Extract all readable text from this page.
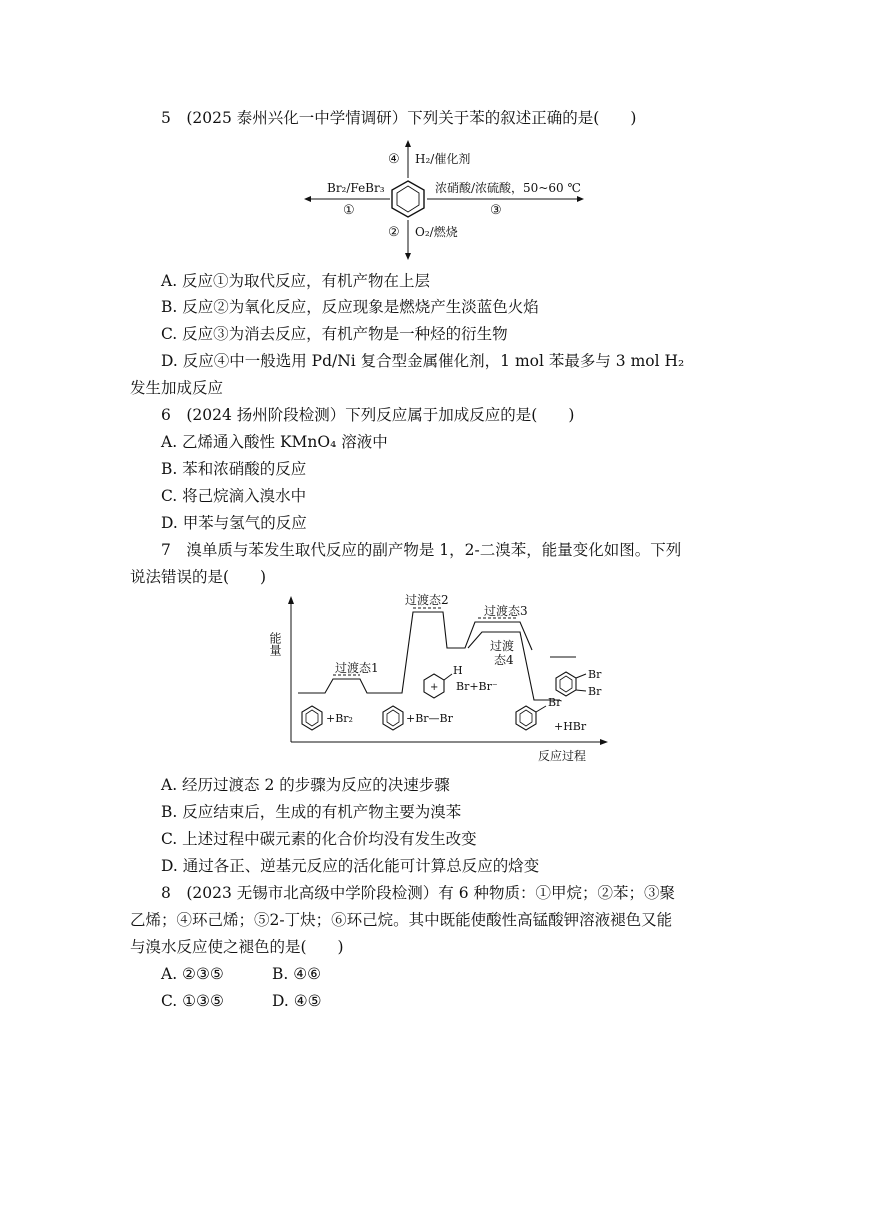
5　(2025 泰州兴化一中学情调研）下列关于苯的叙述正确的是(　　)
④ H₂/催化剂
Br₂/FeBr₃
①
浓硝酸/浓硫酸，50~60 ℃
③
② O₂/燃烧
A. 反应①为取代反应，有机产物在上层
B. 反应②为氧化反应，反应现象是燃烧产生淡蓝色火焰
C. 反应③为消去反应，有机产物是一种烃的衍生物
D. 反应④中一般选用 Pd/Ni 复合型金属催化剂，1 mol 苯最多与 3 mol H₂
发生加成反应
6　(2024 扬州阶段检测）下列反应属于加成反应的是(　　)
A. 乙烯通入酸性 KMnO₄ 溶液中
B. 苯和浓硝酸的反应
C. 将己烷滴入溴水中
D. 甲苯与氢气的反应
7　溴单质与苯发生取代反应的副产物是 1，2-二溴苯，能量变化如图。下列
说法错误的是(　　)
能量
反应过程
过渡态1
过渡态2
过渡态3
过渡
态4
+Br₂	+Br—Br
+
H
Br+Br⁻
Br
+HBr
Br
Br
A. 经历过渡态 2 的步骤为反应的决速步骤
B. 反应结束后，生成的有机产物主要为溴苯
C. 上述过程中碳元素的化合价均没有发生改变
D. 通过各正、逆基元反应的活化能可计算总反应的焓变
8　(2023 无锡市北高级中学阶段检测）有 6 种物质：①甲烷；②苯；③聚
乙烯；④环己烯；⑤2-丁炔；⑥环己烷。其中既能使酸性高锰酸钾溶液褪色又能
与溴水反应使之褪色的是(　　)
A. ②③⑤	B. ④⑥
C. ①③⑤	D. ④⑤
